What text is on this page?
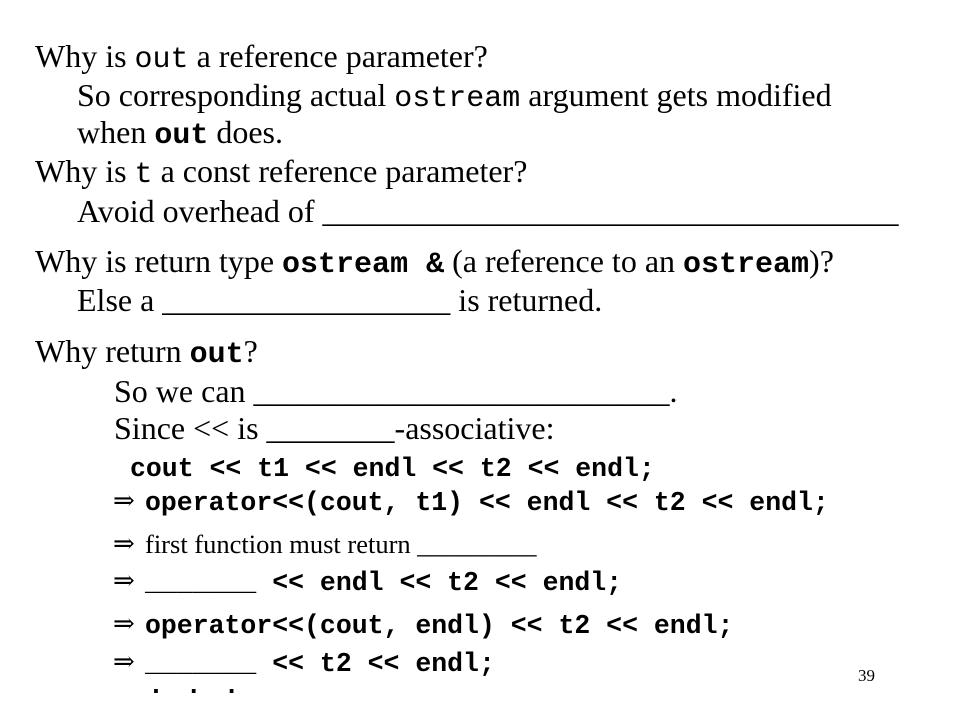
Why is out a reference parameter?
So corresponding actual ostream argument gets modified
when out does.
Why is t a const reference parameter?
Avoid overhead of ____________________________________
Why is return type ostream & (a reference to an ostream)?
Else a __________________ is returned.
Why return out?
So we can __________________________.
Since << is ________-associative:
cout << t1 << endl << t2 << endl;
⇒ operator<<(cout, t1) << endl << t2 << endl;
⇒ first function must return _________
⇒ _______ << endl << t2 << endl;
⇒ operator<<(cout, endl) << t2 << endl;
⇒ _______ << t2 << endl;
. . .	39
